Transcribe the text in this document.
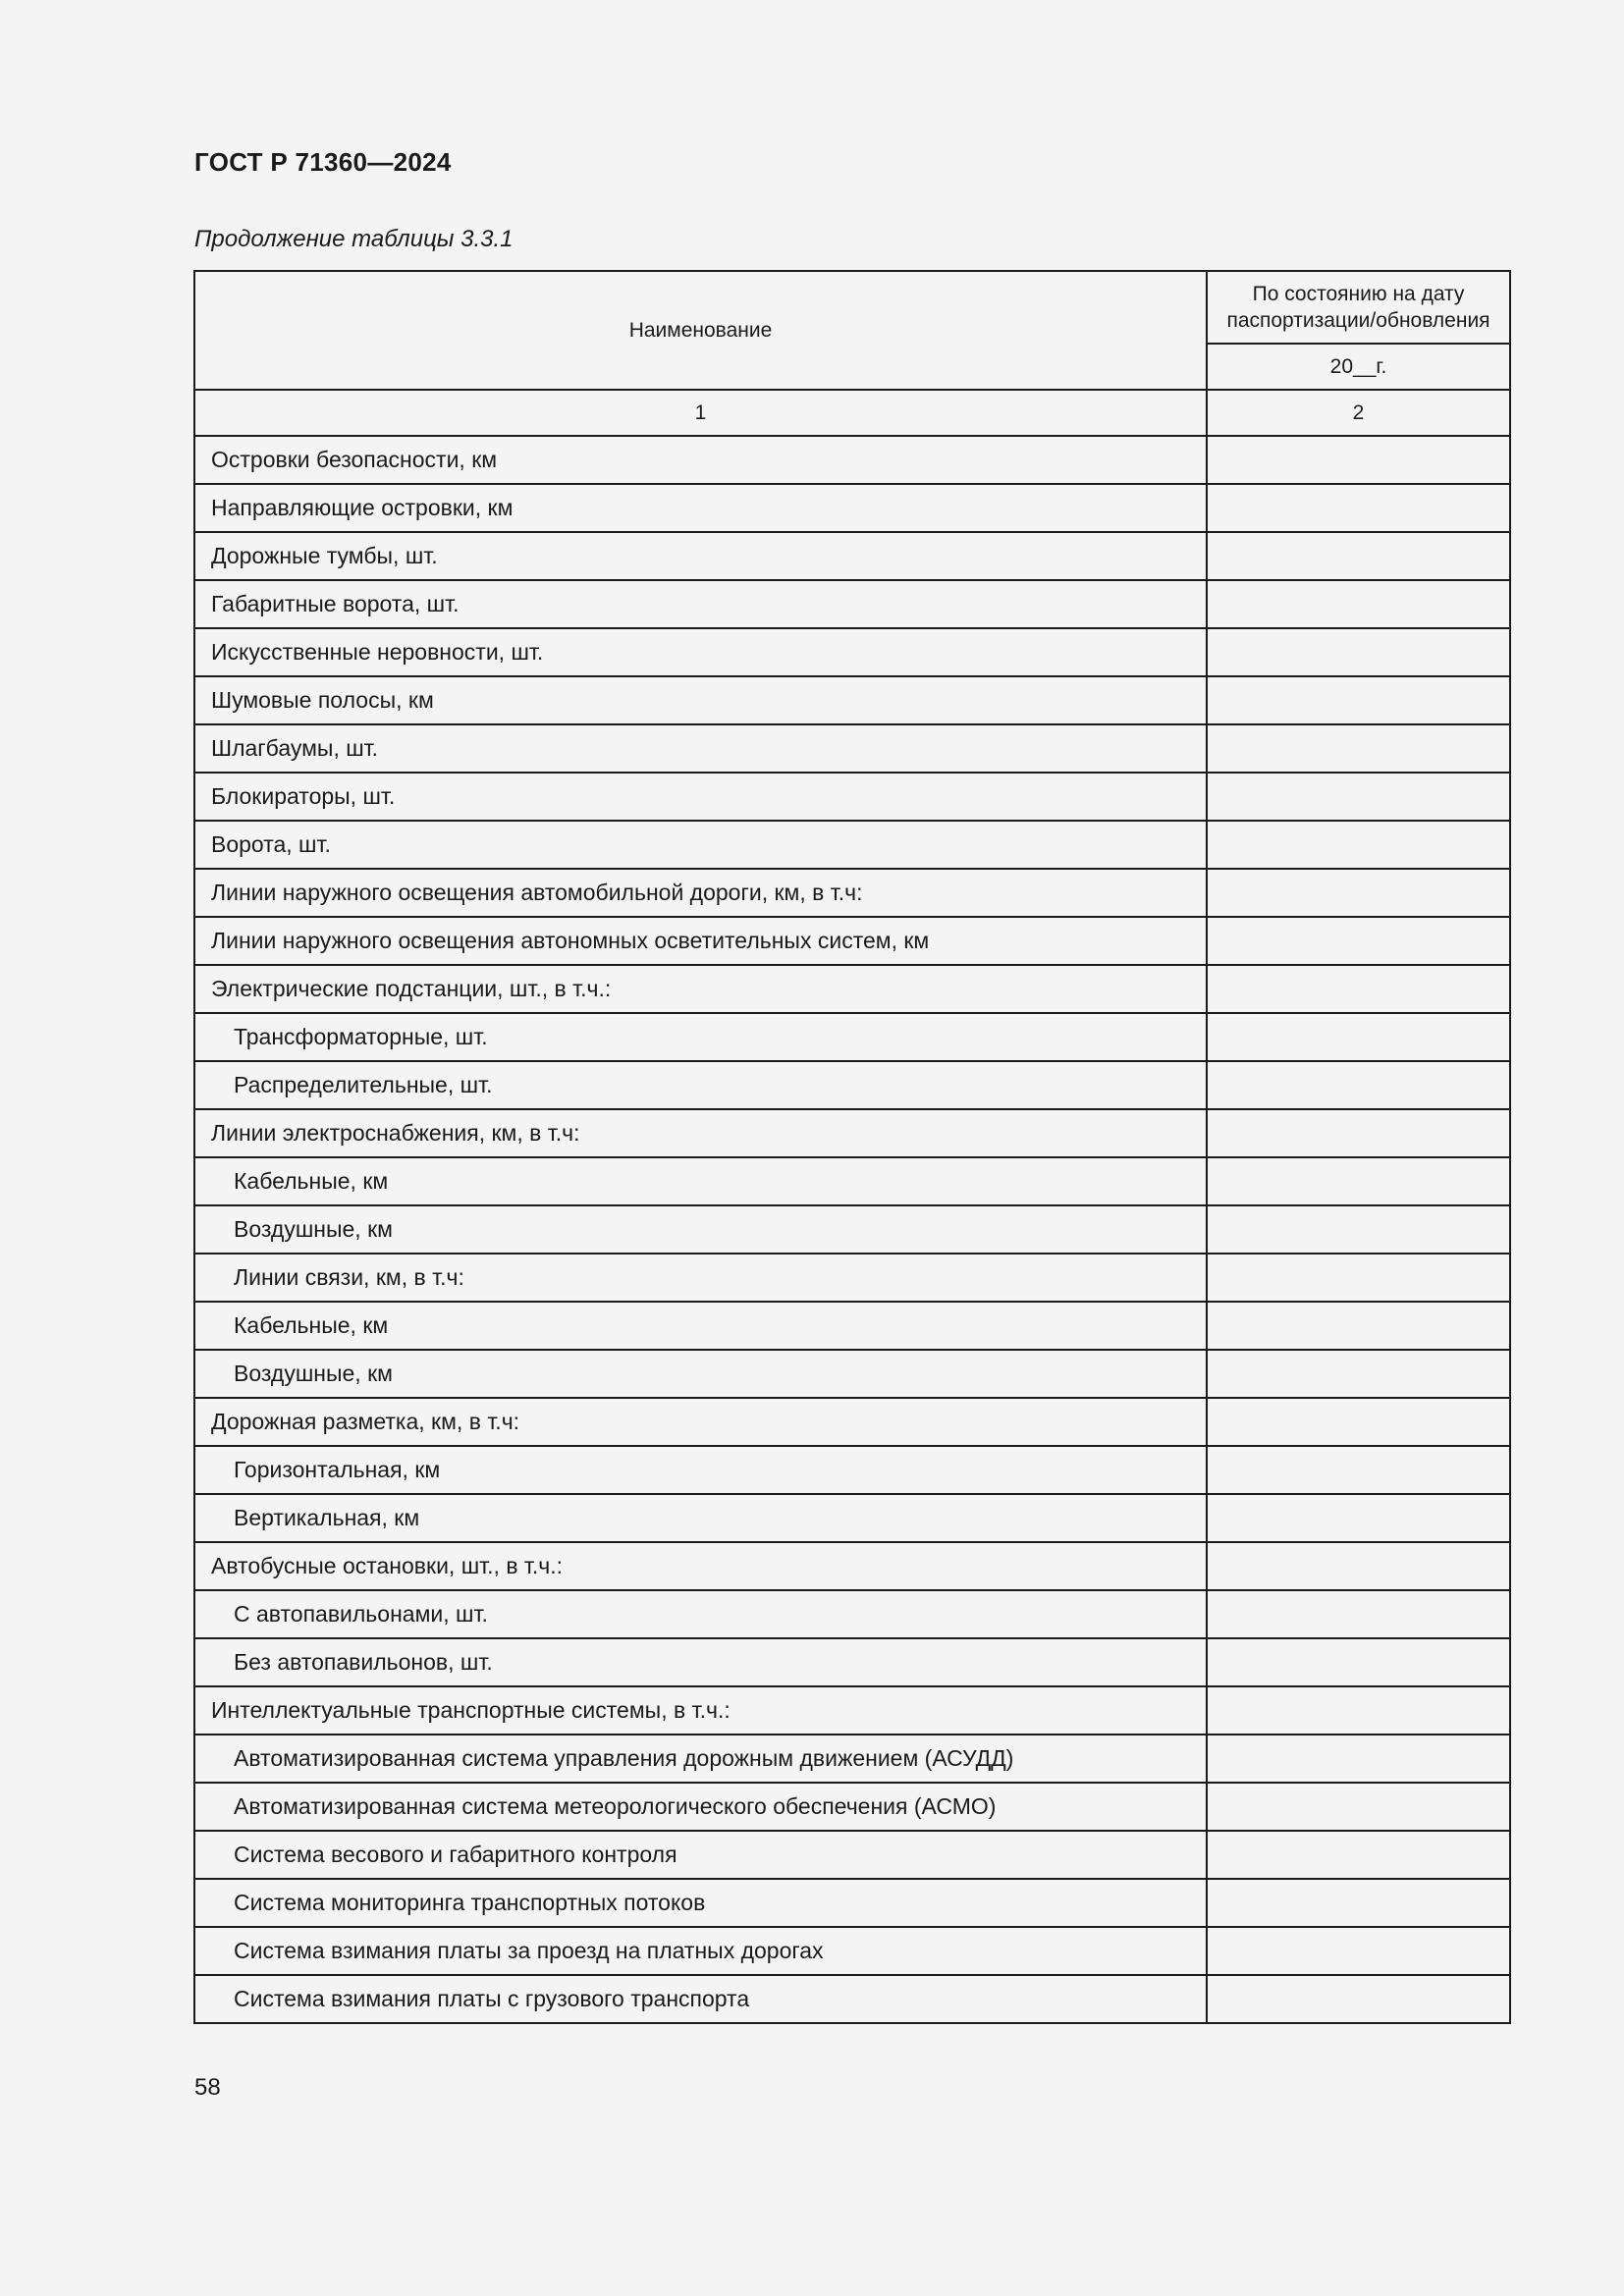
ГОСТ Р 71360—2024
Продолжение таблицы 3.3.1
Наименование	По состоянию на дату паспортизации/обновления
	20__г.
1	2
Островки безопасности, км	
Направляющие островки, км	
Дорожные тумбы, шт.	
Габаритные ворота, шт.	
Искусственные неровности, шт.	
Шумовые полосы, км	
Шлагбаумы, шт.	
Блокираторы, шт.	
Ворота, шт.	
Линии наружного освещения автомобильной дороги, км, в т.ч:	
Линии наружного освещения автономных осветительных систем, км	
Электрические подстанции, шт., в т.ч.:	
Трансформаторные, шт.	
Распределительные, шт.	
Линии электроснабжения, км, в т.ч:	
Кабельные, км	
Воздушные, км	
Линии связи, км, в т.ч:	
Кабельные, км	
Воздушные, км	
Дорожная разметка, км, в т.ч:	
Горизонтальная, км	
Вертикальная, км	
Автобусные остановки, шт., в т.ч.:	
С автопавильонами, шт.	
Без автопавильонов, шт.	
Интеллектуальные транспортные системы, в т.ч.:	
Автоматизированная система управления дорожным движением (АСУДД)	
Автоматизированная система метеорологического обеспечения (АСМО)	
Система весового и габаритного контроля	
Система мониторинга транспортных потоков	
Система взимания платы за проезд на платных дорогах	
Система взимания платы с грузового транспорта	
58
